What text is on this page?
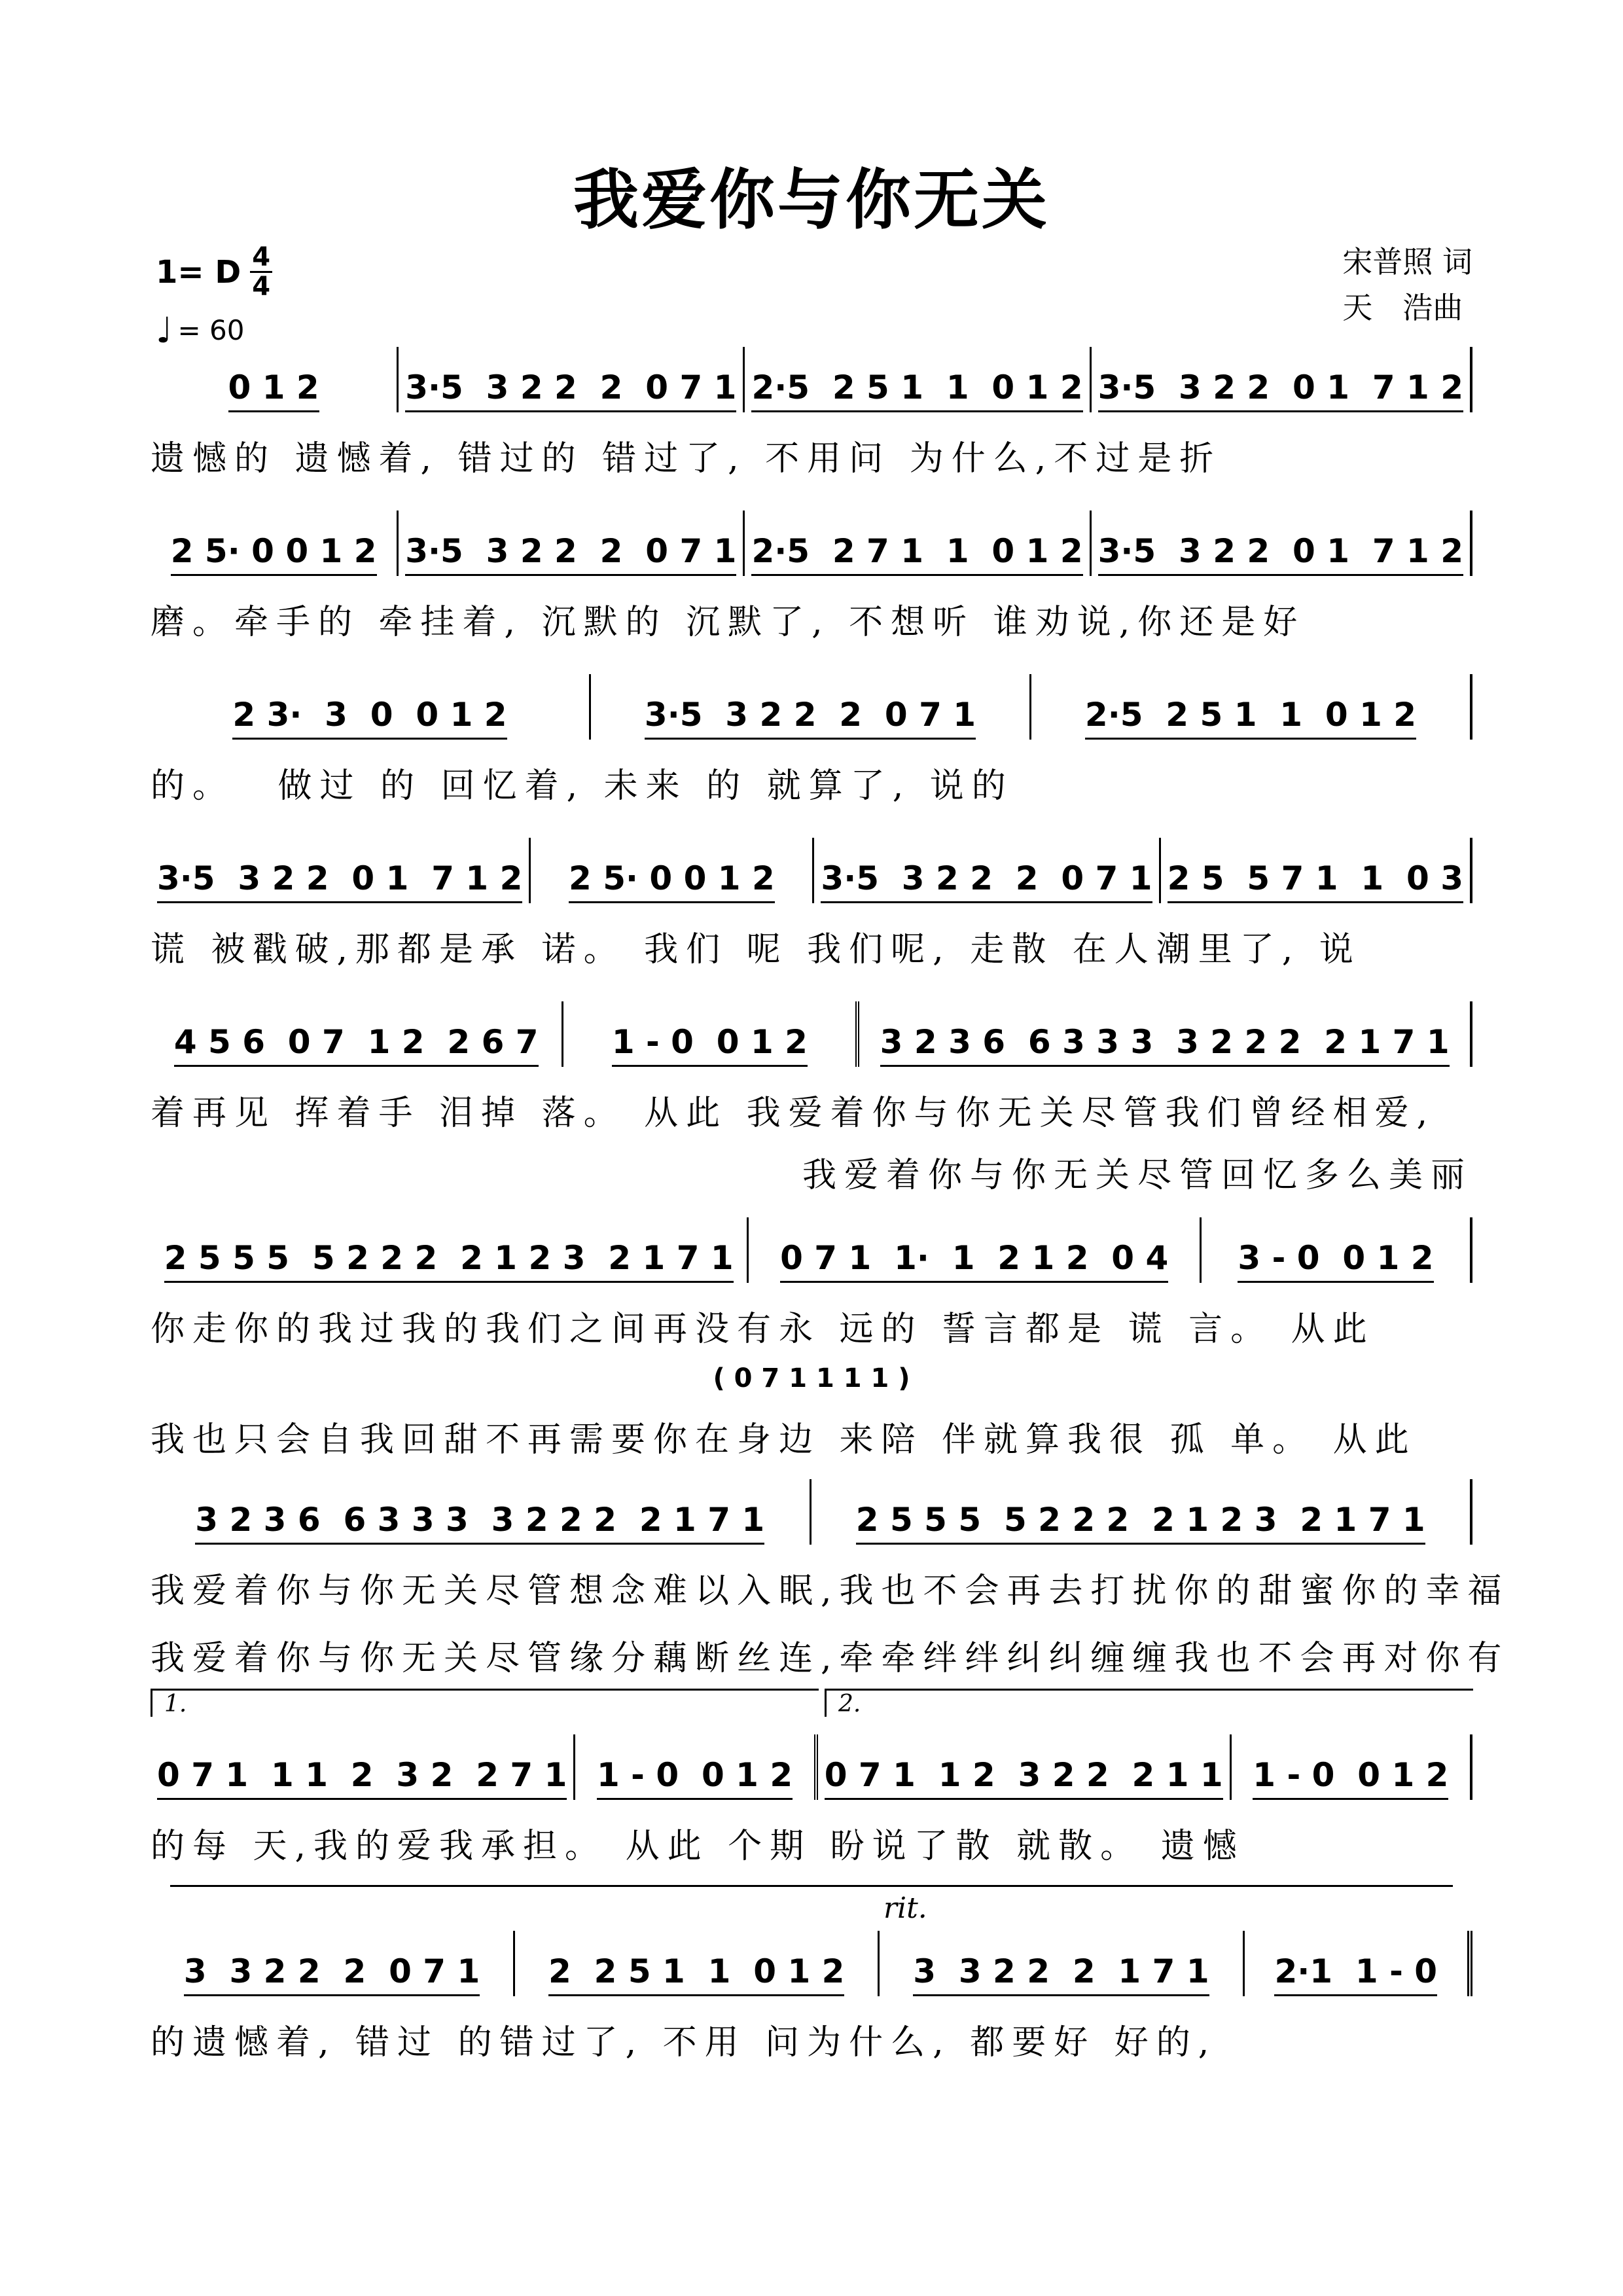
我爱你与你无关
1= D 4
4
♩ = 60
宋普照 词
天　浩曲
0 1 2	3·5  3 2 2  2  0 7 1 2·5  2 5 1  1  0 1 2 3·5  3 2 2  0 1  7 1 2
遗憾的 遗憾着, 错过的 错过了, 不用问 为什么,不过是折
2 5· 0 0 1 2 3·5  3 2 2  2  0 7 1 2·5  2 7 1  1  0 1 2 3·5  3 2 2  0 1  7 1 2
磨。牵手的 牵挂着, 沉默的 沉默了, 不想听 谁劝说,你还是好
2 3·  3  0  0 1 2	3·5  3 2 2  2  0 7 1	2·5  2 5 1  1  0 1 2
的。　 做过 的 回忆着, 未来 的 就算了, 说的
3·5  3 2 2  0 1  7 1 2 2 5· 0 0 1 2 3·5  3 2 2  2  0 7 1 2 5  5 7 1  1  0 3
谎 被戳破,那都是承 诺。 我们 呢 我们呢, 走散 在人潮里了, 说
4 5 6  0 7  1 2  2 6 7 1 - 0  0 1 2 3 2 3 6  6 3 3 3  3 2 2 2  2 1 7 1
着再见 挥着手 泪掉 落。 从此 我爱着你与你无关尽管我们曾经相爱,
我爱着你与你无关尽管回忆多么美丽
2 5 5 5  5 2 2 2  2 1 2 3  2 1 7 1 0 7 1  1·  1  2 1 2  0 4 3 - 0  0 1 2
你走你的我过我的我们之间再没有永 远的 誓言都是 谎 言。 从此
( 0 7 1 1 1 1 )
我也只会自我回甜不再需要你在身边 来陪 伴就算我很 孤 单。 从此
3 2 3 6  6 3 3 3  3 2 2 2  2 1 7 1	2 5 5 5  5 2 2 2  2 1 2 3  2 1 7 1
我爱着你与你无关尽管想念难以入眠,我也不会再去打扰你的甜蜜你的幸福
我爱着你与你无关尽管缘分藕断丝连,牵牵绊绊纠纠缠缠我也不会再对你有
1.	2.
0 7 1  1 1  2  3 2  2 7 1 1 - 0  0 1 2 0 7 1  1 2  3 2 2  2 1 1 1 - 0  0 1 2
的每 天,我的爱我承担。 从此 个期 盼说了散 就散。 遗憾
rit.
3  3 2 2  2  0 7 1 2  2 5 1  1  0 1 2 3  3 2 2  2  1 7 1 2·1  1 - 0
的遗憾着, 错过 的错过了, 不用 问为什么, 都要好 好的,
